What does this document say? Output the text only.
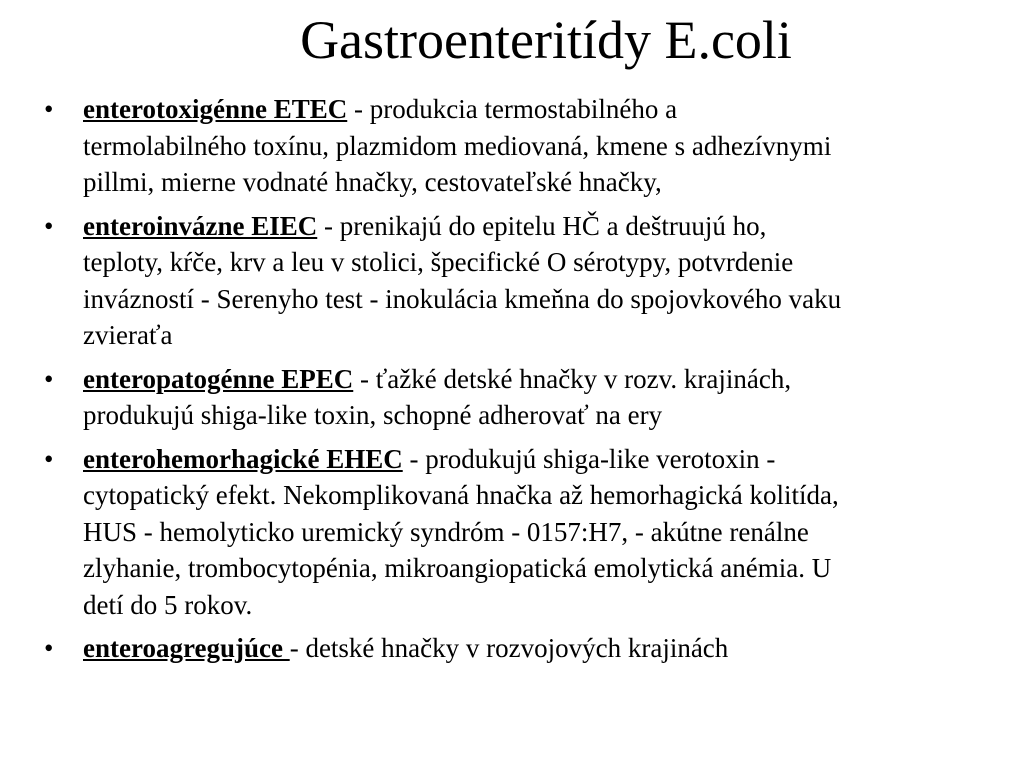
Gastroenteritídy E.coli
•
enterotoxigénne ETEC - produkcia termostabilného a
termolabilného toxínu, plazmidom mediovaná, kmene s adhezívnymi
pillmi, mierne vodnaté hnačky, cestovateľské hnačky,
•
enteroinvázne EIEC - prenikajú do epitelu HČ a deštruujú ho,
teploty, kŕče, krv a leu v stolici, špecifické O sérotypy, potvrdenie
invázností - Serenyho test - inokulácia kmeňna do spojovkového vaku
zvieraťa
•
enteropatogénne EPEC - ťažké detské hnačky v rozv. krajinách,
produkujú shiga-like toxin, schopné adherovať na ery
•
enterohemorhagické EHEC - produkujú shiga-like verotoxin -
cytopatický efekt. Nekomplikovaná hnačka až hemorhagická kolitída,
HUS - hemolyticko uremický syndróm - 0157:H7, - akútne renálne
zlyhanie, trombocytopénia, mikroangiopatická emolytická anémia. U
detí do 5 rokov.
•
enteroagregujúce - detské hnačky v rozvojových krajinách
